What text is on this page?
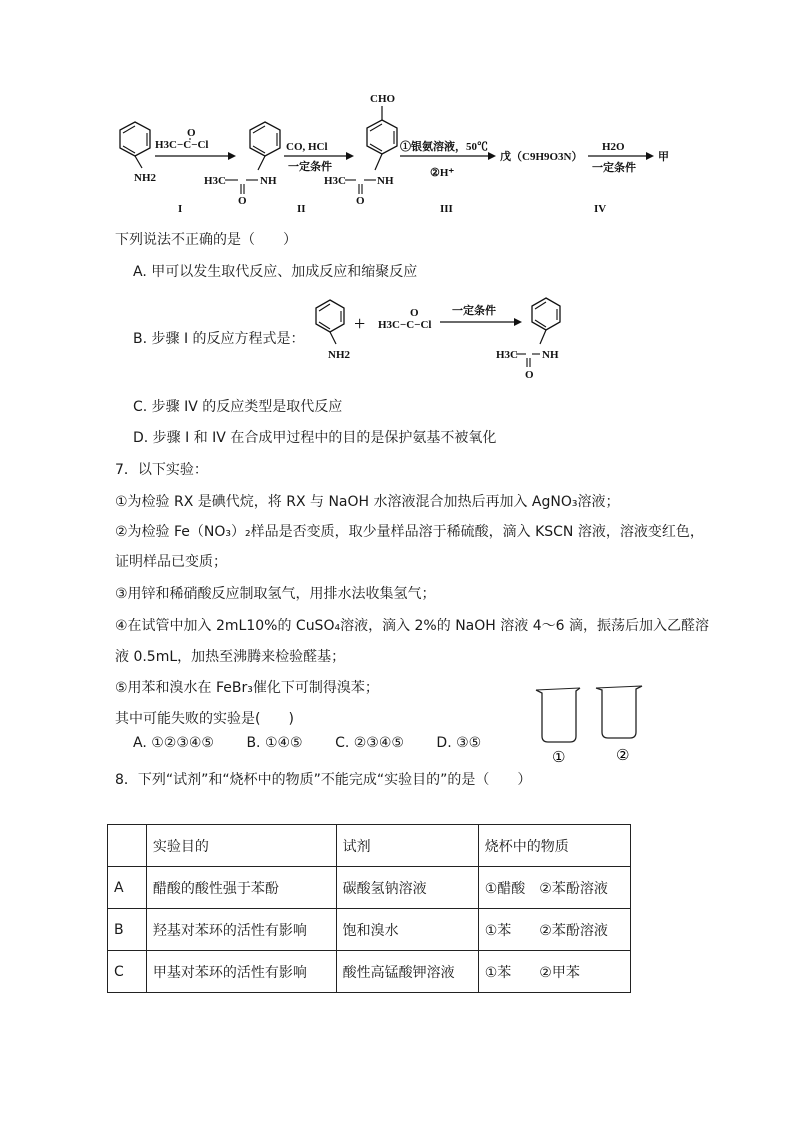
NH2
H3C−C−Cl
O
NH
H3C
O
CO, HCl
一定条件
CHO
NH
H3C
O
①银氨溶液，50℃
②H⁺
戊（C9H9O3N）
H2O
一定条件
甲
I	II	III	IV
下列说法不正确的是（　　）
A. 甲可以发生取代反应、加成反应和缩聚反应
B. 步骤 I 的反应方程式是：
NH2
+ H3C−C−Cl
O	一定条件
NH
H3C
O
C. 步骤 IV 的反应类型是取代反应
D. 步骤 I 和 IV 在合成甲过程中的目的是保护氨基不被氧化
7．以下实验：
①为检验 RX 是碘代烷，将 RX 与 NaOH 水溶液混合加热后再加入 AgNO₃溶液；
②为检验 Fe（NO₃）₂样品是否变质，取少量样品溶于稀硫酸，滴入 KSCN 溶液，溶液变红色，
证明样品已变质；
③用锌和稀硝酸反应制取氢气，用排水法收集氢气；
④在试管中加入 2mL10%的 CuSO₄溶液，滴入 2%的 NaOH 溶液 4～6 滴，振荡后加入乙醛溶
液 0.5mL，加热至沸腾来检验醛基；
⑤用苯和溴水在 FeBr₃催化下可制得溴苯；
其中可能失败的实验是(　　)
A. ①②③④⑤ B. ①④⑤ C. ②③④⑤ D. ③⑤
①	②
8．下列“试剂”和“烧杯中的物质”不能完成“实验目的”的是（　　）
	实验目的	试剂	烧杯中的物质
A	醋酸的酸性强于苯酚	碳酸氢钠溶液	①醋酸　②苯酚溶液
B	羟基对苯环的活性有影响	饱和溴水	①苯　　②苯酚溶液
C	甲基对苯环的活性有影响	酸性高锰酸钾溶液	①苯　　②甲苯
